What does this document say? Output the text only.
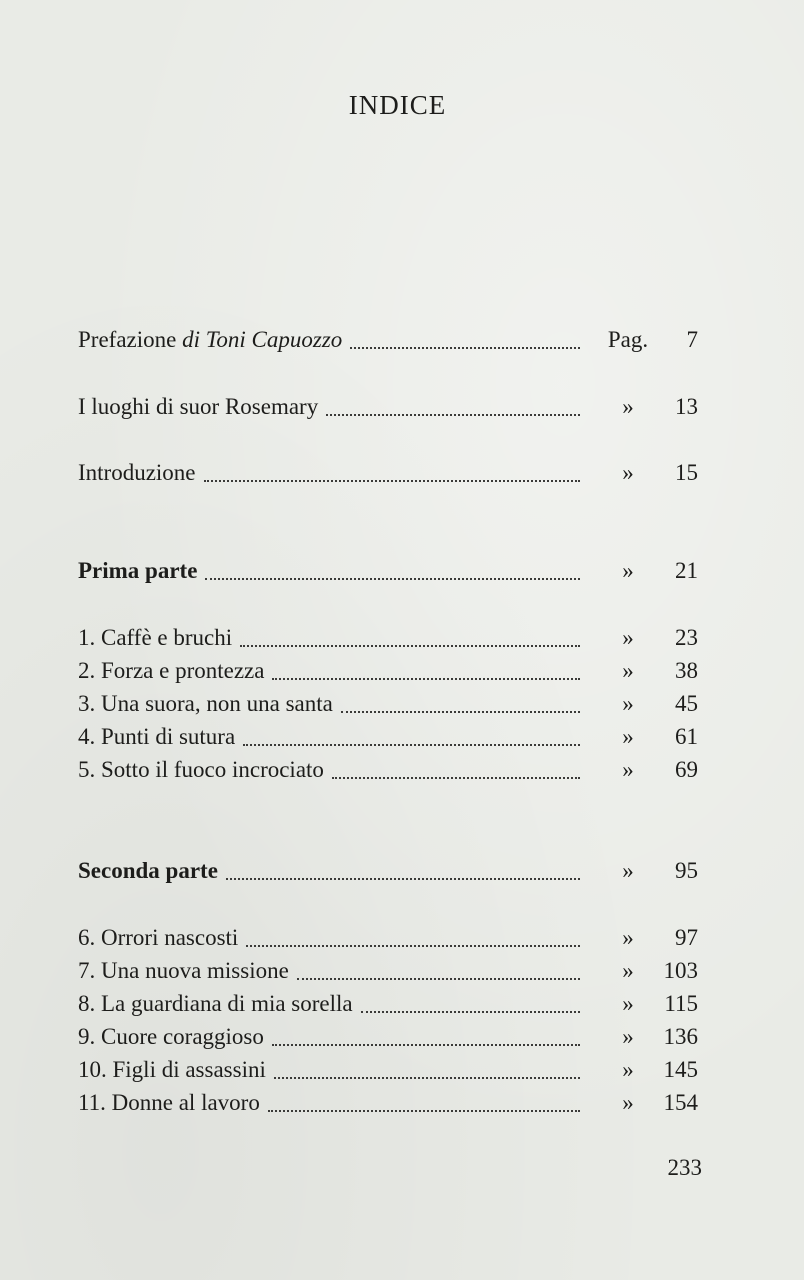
INDICE
Prefazione di Toni Capuozzo	Pag.	7
I luoghi di suor Rosemary	»	13
Introduzione	»	15
Prima parte	»	21
1. Caffè e bruchi	»	23
2. Forza e prontezza	»	38
3. Una suora, non una santa	»	45
4. Punti di sutura	»	61
5. Sotto il fuoco incrociato	»	69
Seconda parte	»	95
6. Orrori nascosti	»	97
7. Una nuova missione	»	103
8. La guardiana di mia sorella	»	115
9. Cuore coraggioso	»	136
10. Figli di assassini	»	145
11. Donne al lavoro	»	154
233
